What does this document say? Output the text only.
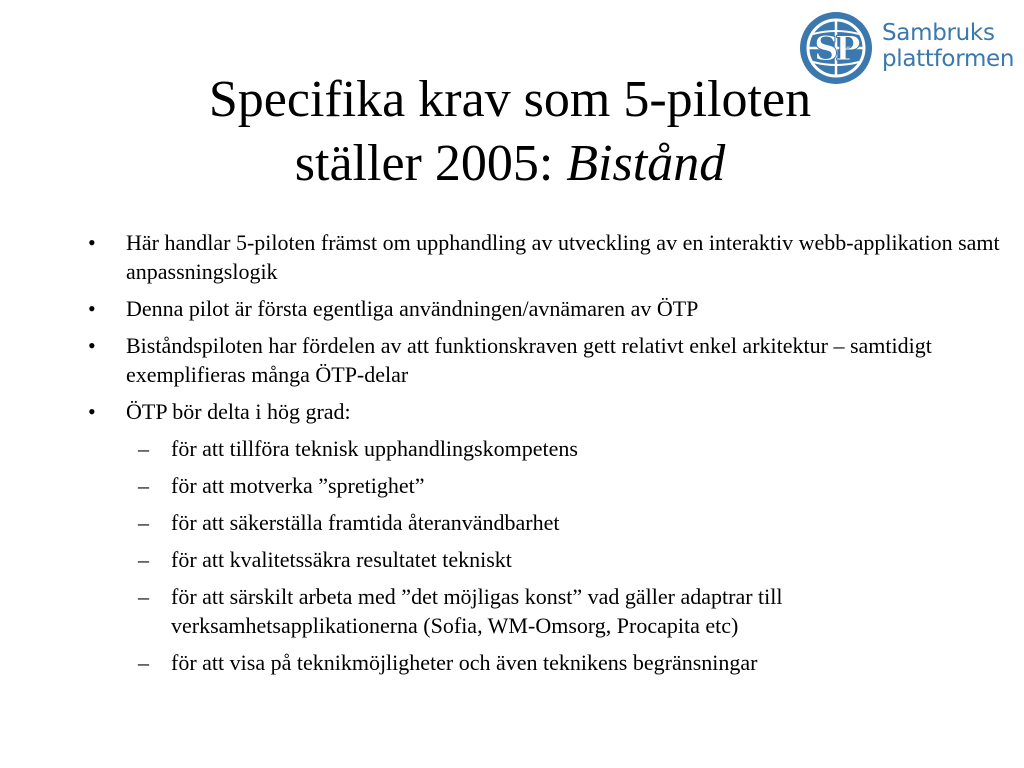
S
P Sambruks
plattformen
Specifika krav som 5-piloten
ställer 2005: Bistånd
• Här handlar 5-piloten främst om upphandling av utveckling av en interaktiv webb-applikation samt anpassningslogik
• Denna pilot är första egentliga användningen/avnämaren av ÖTP
• Biståndspiloten har fördelen av att funktionskraven gett relativt enkel arkitektur – samtidigt exemplifieras många ÖTP-delar
• ÖTP bör delta i hög grad:
– för att tillföra teknisk upphandlingskompetens
– för att motverka ”spretighet”
– för att säkerställa framtida återanvändbarhet
– för att kvalitetssäkra resultatet tekniskt
– för att särskilt arbeta med ”det möjligas konst” vad gäller adaptrar till verksamhetsapplikationerna (Sofia, WM-Omsorg, Procapita etc)
– för att visa på teknikmöjligheter och även teknikens begränsningar
